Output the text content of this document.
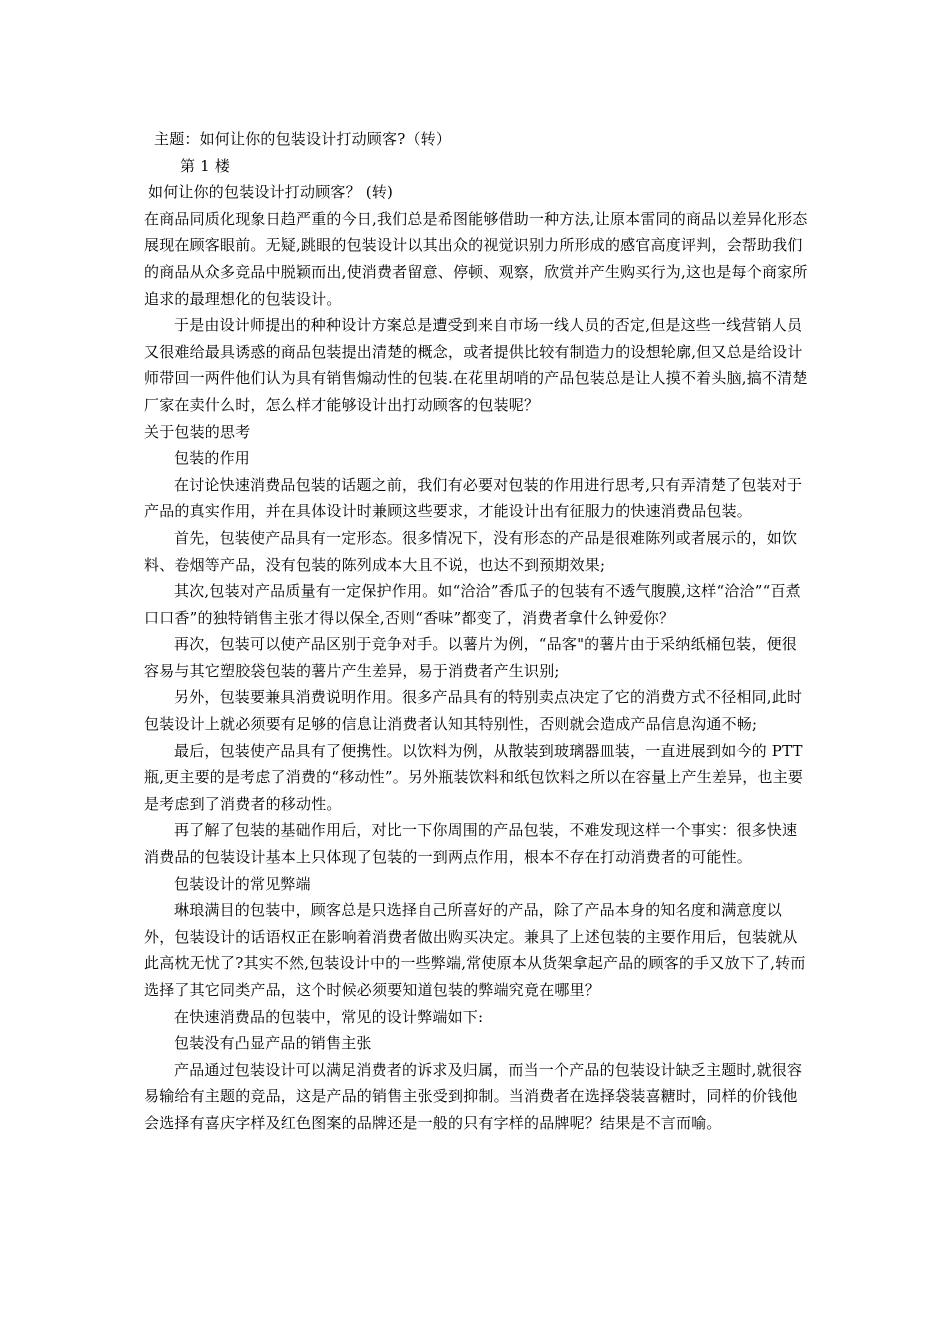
主题：如何让你的包装设计打动顾客?（转）
第 1 楼
如何让你的包装设计打动顾客？ (转)

在商品同质化现象日趋严重的今日,我们总是希图能够借助一种方法,让原本雷同的商品以差异化形态展现在顾客眼前。无疑,跳眼的包装设计以其出众的视觉识别力所形成的感官高度评判，会帮助我们的商品从众多竞品中脱颖而出,使消费者留意、停顿、观察，欣赏并产生购买行为,这也是每个商家所追求的最理想化的包装设计。

于是由设计师提出的种种设计方案总是遭受到来自市场一线人员的否定,但是这些一线营销人员又很难给最具诱惑的商品包装提出清楚的概念，或者提供比较有制造力的设想轮廓,但又总是给设计师带回一两件他们认为具有销售煽动性的包装.在花里胡哨的产品包装总是让人摸不着头脑,搞不清楚厂家在卖什么时，怎么样才能够设计出打动顾客的包装呢？

关于包装的思考

包装的作用

在讨论快速消费品包装的话题之前，我们有必要对包装的作用进行思考,只有弄清楚了包装对于产品的真实作用，并在具体设计时兼顾这些要求，才能设计出有征服力的快速消费品包装。

首先，包装使产品具有一定形态。很多情况下，没有形态的产品是很难陈列或者展示的，如饮料、卷烟等产品，没有包装的陈列成本大且不说，也达不到预期效果;

其次,包装对产品质量有一定保护作用。如“洽洽”香瓜子的包装有不透气腹膜,这样“洽洽”“百煮口口香”的独特销售主张才得以保全,否则“香味”都变了，消费者拿什么钟爱你？

再次，包装可以使产品区别于竞争对手。以薯片为例，“品客"的薯片由于采纳纸桶包装，便很容易与其它塑胶袋包装的薯片产生差异，易于消费者产生识别;

另外，包装要兼具消费说明作用。很多产品具有的特别卖点决定了它的消费方式不径相同,此时包装设计上就必须要有足够的信息让消费者认知其特别性，否则就会造成产品信息沟通不畅;

最后，包装使产品具有了便携性。以饮料为例，从散装到玻璃器皿装，一直进展到如今的 PTT 瓶,更主要的是考虑了消费的“移动性”。另外瓶装饮料和纸包饮料之所以在容量上产生差异，也主要是考虑到了消费者的移动性。

再了解了包装的基础作用后，对比一下你周围的产品包装，不难发现这样一个事实：很多快速消费品的包装设计基本上只体现了包装的一到两点作用，根本不存在打动消费者的可能性。

包装设计的常见弊端

琳琅满目的包装中，顾客总是只选择自己所喜好的产品，除了产品本身的知名度和满意度以外，包装设计的话语权正在影响着消费者做出购买决定。兼具了上述包装的主要作用后，包装就从此高枕无忧了?其实不然,包装设计中的一些弊端,常使原本从货架拿起产品的顾客的手又放下了,转而选择了其它同类产品，这个时候必须要知道包装的弊端究竟在哪里？

在快速消费品的包装中，常见的设计弊端如下:

包装没有凸显产品的销售主张

产品通过包装设计可以满足消费者的诉求及归属，而当一个产品的包装设计缺乏主题时,就很容易输给有主题的竞品，这是产品的销售主张受到抑制。当消费者在选择袋装喜糖时，同样的价钱他会选择有喜庆字样及红色图案的品牌还是一般的只有字样的品牌呢？结果是不言而喻。
